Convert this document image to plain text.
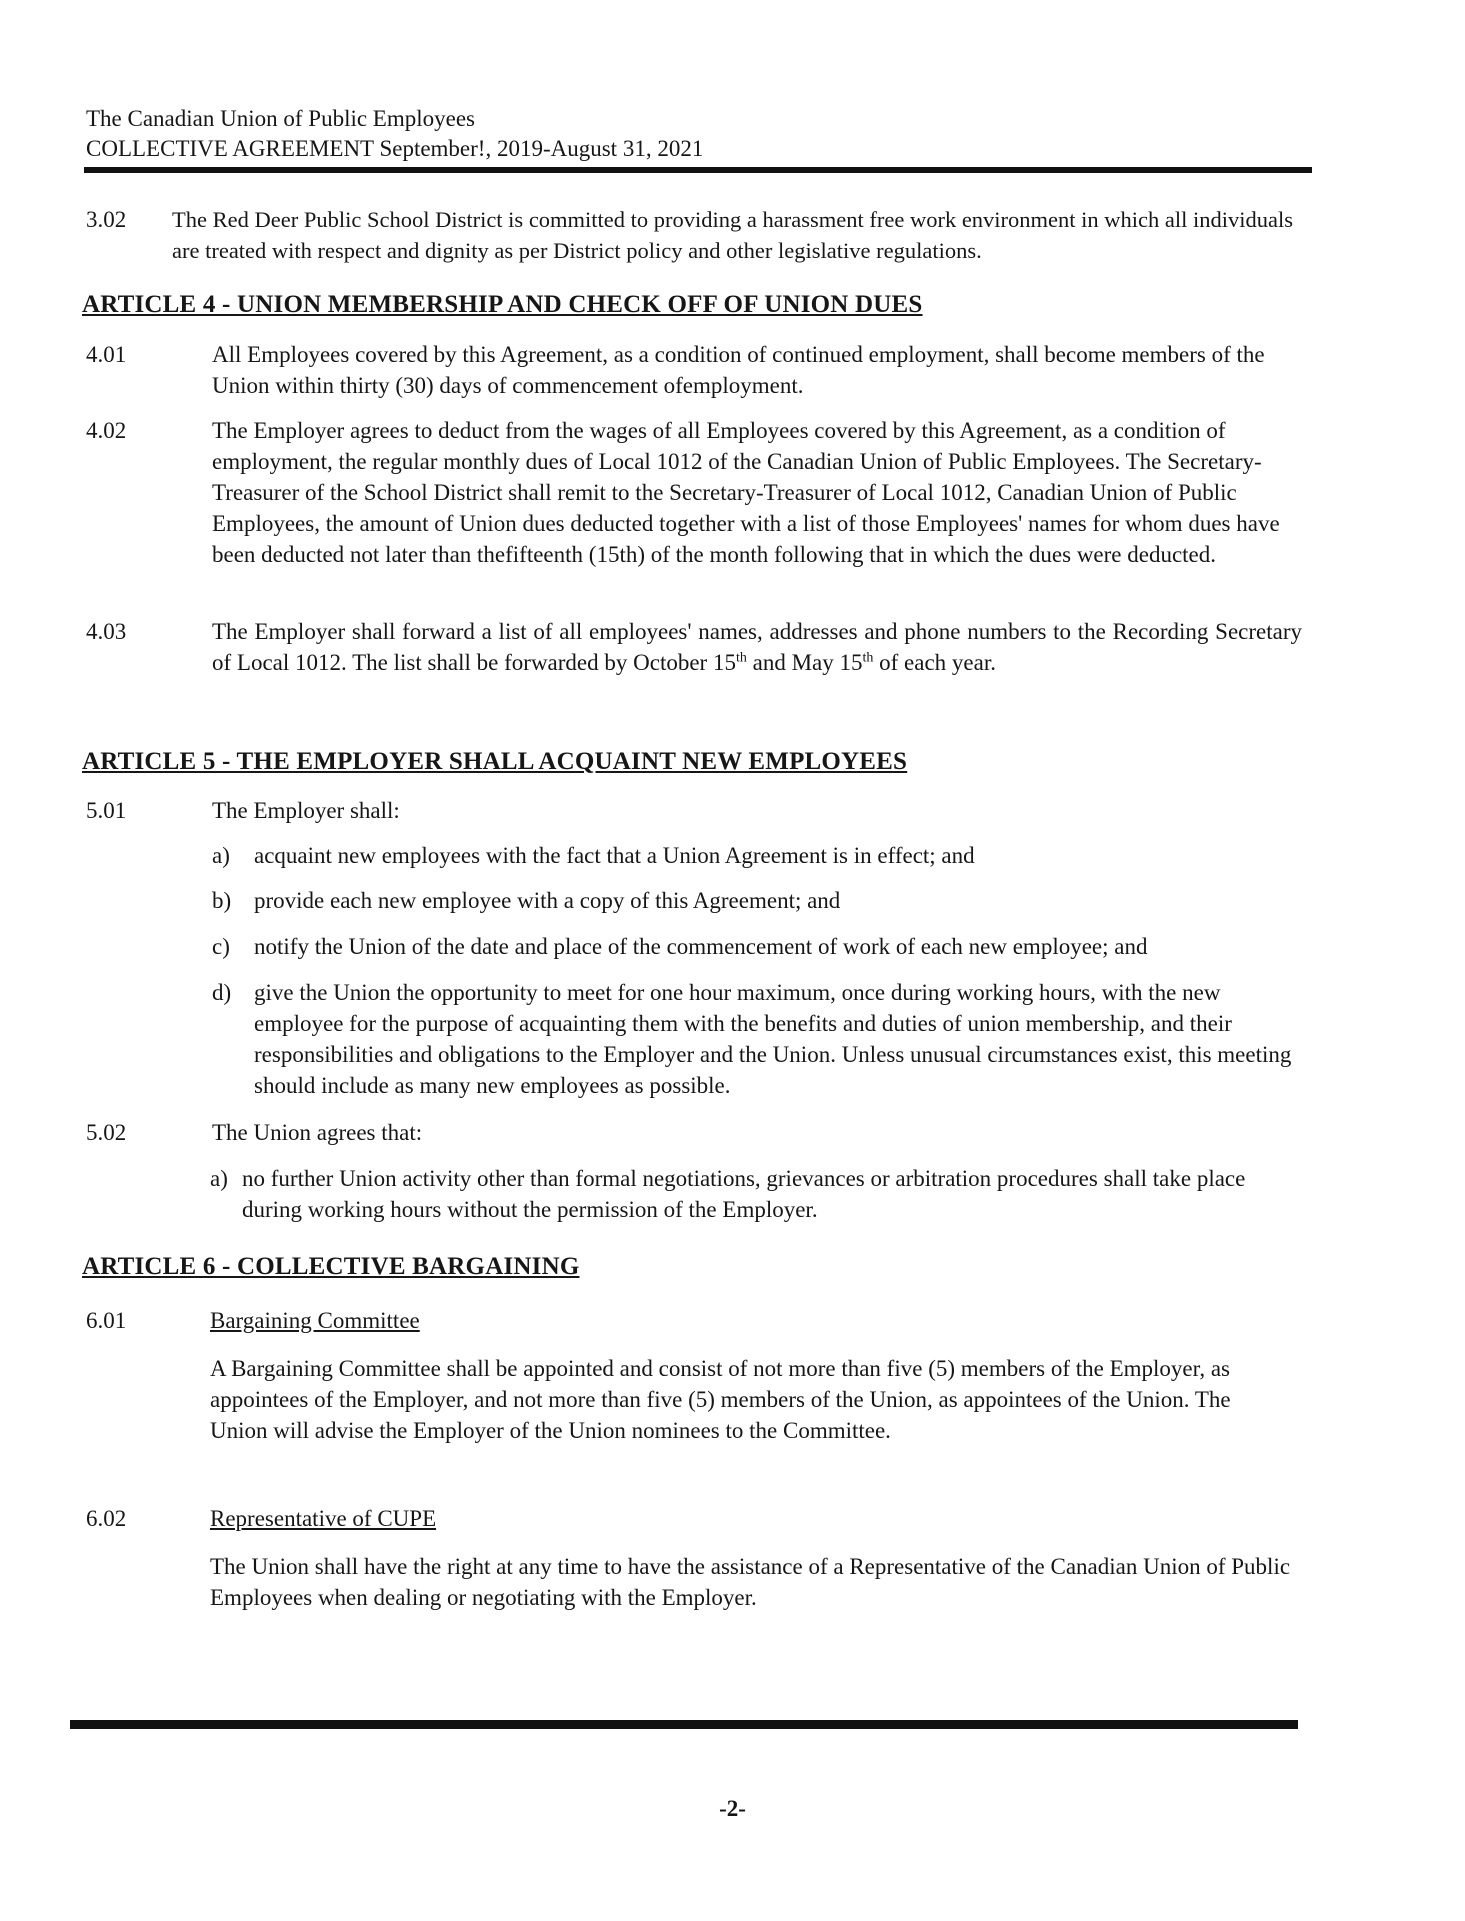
The Canadian Union of Public Employees
COLLECTIVE AGREEMENT September!, 2019-August 31, 2021
3.02 The Red Deer Public School District is committed to providing a harassment free work environment in which all individuals are treated with respect and dignity as per District policy and other legislative regulations.
ARTICLE 4 - UNION MEMBERSHIP AND CHECK OFF OF UNION DUES
4.01	All Employees covered by this Agreement, as a condition of continued employment, shall become members of the Union within thirty (30) days of commencement ofemployment.
4.02	The Employer agrees to deduct from the wages of all Employees covered by this Agreement, as a condition of employment, the regular monthly dues of Local 1012 of the Canadian Union of Public Employees. The Secretary-Treasurer of the School District shall remit to the Secretary-Treasurer of Local 1012, Canadian Union of Public Employees, the amount of Union dues deducted together with a list of those Employees' names for whom dues have been deducted not later than thefifteenth (15th) of the month following that in which the dues were deducted.
4.03	The Employer shall forward a list of all employees' names, addresses and phone numbers to the Recording Secretary of Local 1012. The list shall be forwarded by October 15th and May 15th of each year.
ARTICLE 5 - THE EMPLOYER SHALL ACQUAINT NEW EMPLOYEES
5.01	The Employer shall:
a) acquaint new employees with the fact that a Union Agreement is in effect; and
b) provide each new employee with a copy of this Agreement; and
c) notify the Union of the date and place of the commencement of work of each new employee; and
d) give the Union the opportunity to meet for one hour maximum, once during working hours, with the new employee for the purpose of acquainting them with the benefits and duties of union membership, and their responsibilities and obligations to the Employer and the Union. Unless unusual circumstances exist, this meeting should include as many new employees as possible.
5.02	The Union agrees that:
a) no further Union activity other than formal negotiations, grievances or arbitration procedures shall take place during working hours without the permission of the Employer.
ARTICLE 6 - COLLECTIVE BARGAINING
6.01	Bargaining Committee
A Bargaining Committee shall be appointed and consist of not more than five (5) members of the Employer, as appointees of the Employer, and not more than five (5) members of the Union, as appointees of the Union. The Union will advise the Employer of the Union nominees to the Committee.
6.02	Representative of CUPE
The Union shall have the right at any time to have the assistance of a Representative of the Canadian Union of Public Employees when dealing or negotiating with the Employer.
-2-
